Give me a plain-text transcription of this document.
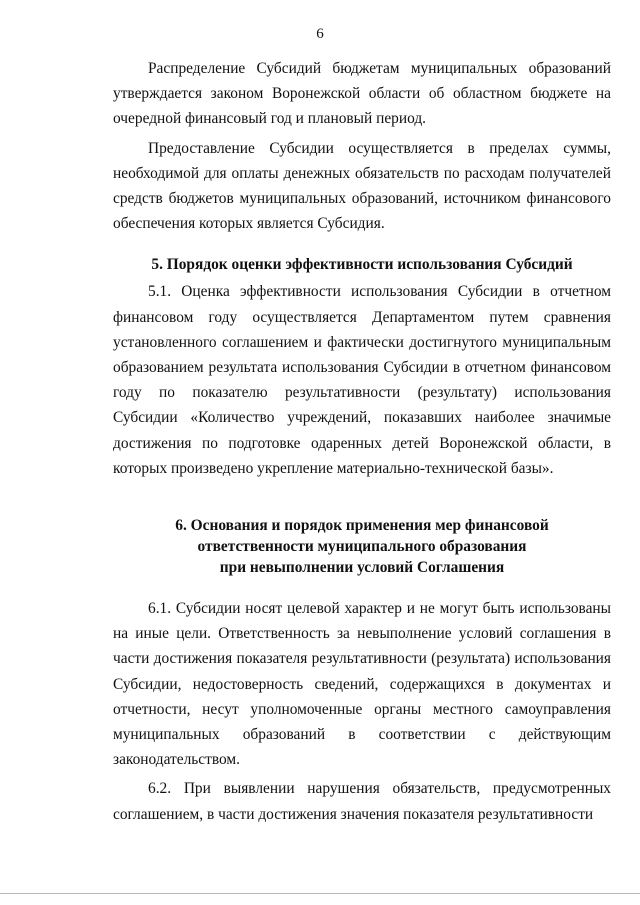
6

Распределение Субсидий бюджетам муниципальных образований утверждается законом Воронежской области об областном бюджете на очередной финансовый год и плановый период.

Предоставление Субсидии осуществляется в пределах суммы, необходимой для оплаты денежных обязательств по расходам получателей средств бюджетов муниципальных образований, источником финансового обеспечения которых является Субсидия.

5. Порядок оценки эффективности использования Субсидий

5.1. Оценка эффективности использования Субсидии в отчетном финансовом году осуществляется Департаментом путем сравнения установленного соглашением и фактически достигнутого муниципальным образованием результата использования Субсидии в отчетном финансовом году по показателю результативности (результату) использования Субсидии «Количество учреждений, показавших наиболее значимые достижения по подготовке одаренных детей Воронежской области, в которых произведено укрепление материально-технической базы».

6. Основания и порядок применения мер финансовой
ответственности муниципального образования
при невыполнении условий Соглашения

6.1. Субсидии носят целевой характер и не могут быть использованы на иные цели. Ответственность за невыполнение условий соглашения в части достижения показателя результативности (результата) использования Субсидии, недостоверность сведений, содержащихся в документах и отчетности, несут уполномоченные органы местного самоуправления муниципальных образований в соответствии с действующим законодательством.

6.2. При выявлении нарушения обязательств, предусмотренных соглашением, в части достижения значения показателя результативности
